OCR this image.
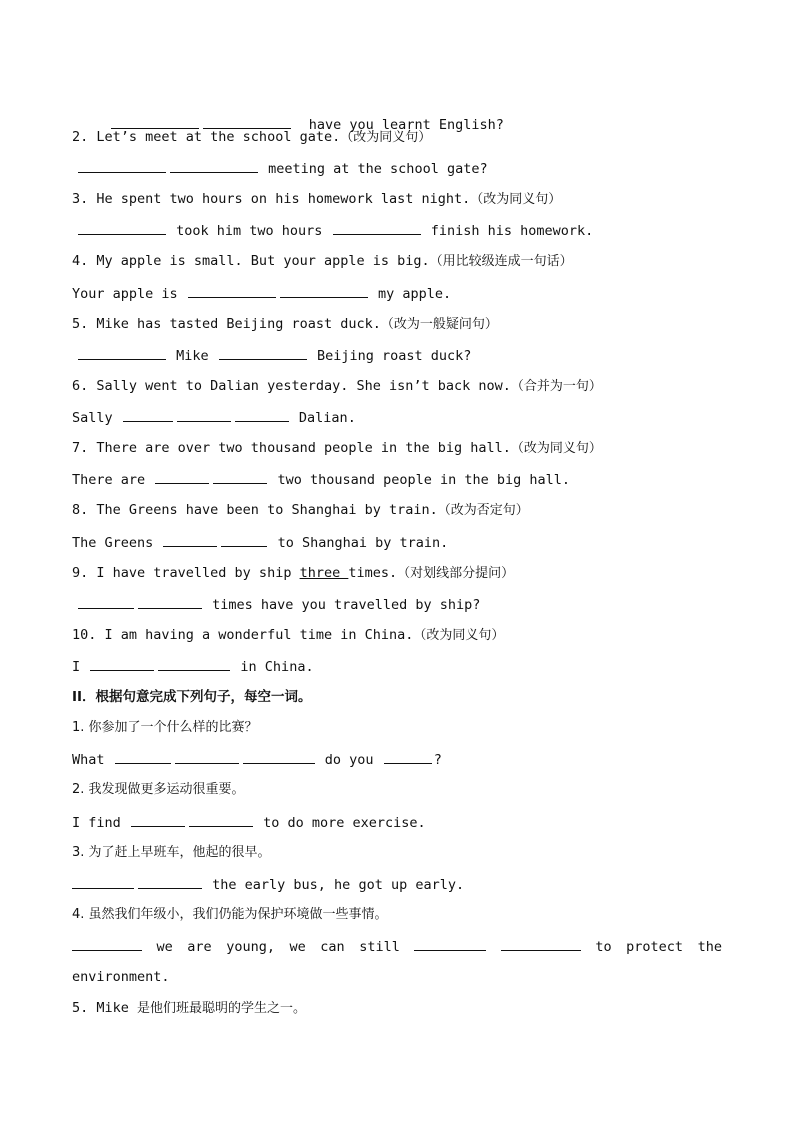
have you learnt English?

2. Let’s meet at the school gate.（改为同义句）
meeting at the school gate?
3. He spent two hours on his homework last night.（改为同义句）
took him two hours	finish his homework.
4. My apple is small. But your apple is big.（用比较级连成一句话）
Your apple is	my apple.
5. Mike has tasted Beijing roast duck.（改为一般疑问句）
Mike	Beijing roast duck?
6. Sally went to Dalian yesterday. She isn’t back now.（合并为一句）
Sally	Dalian.
7. There are over two thousand people in the big hall.（改为同义句）
There are	two thousand people in the big hall.
8. The Greens have been to Shanghai by train.（改为否定句）
The Greens	to Shanghai by train.
9. I have travelled by ship three times.（对划线部分提问）
times have you travelled by ship?
10. I am having a wonderful time in China.（改为同义句）
I	in China.
II．根据句意完成下列句子，每空一词。
1. 你参加了一个什么样的比赛？
What	do you	?
2. 我发现做更多运动很重要。
I find	to do more exercise.
3. 为了赶上早班车，他起的很早。
the early bus, he got up early.
4. 虽然我们年级小，我们仍能为保护环境做一些事情。
we are young, we can still	to protect the
environment.
5. Mike 是他们班最聪明的学生之一。
